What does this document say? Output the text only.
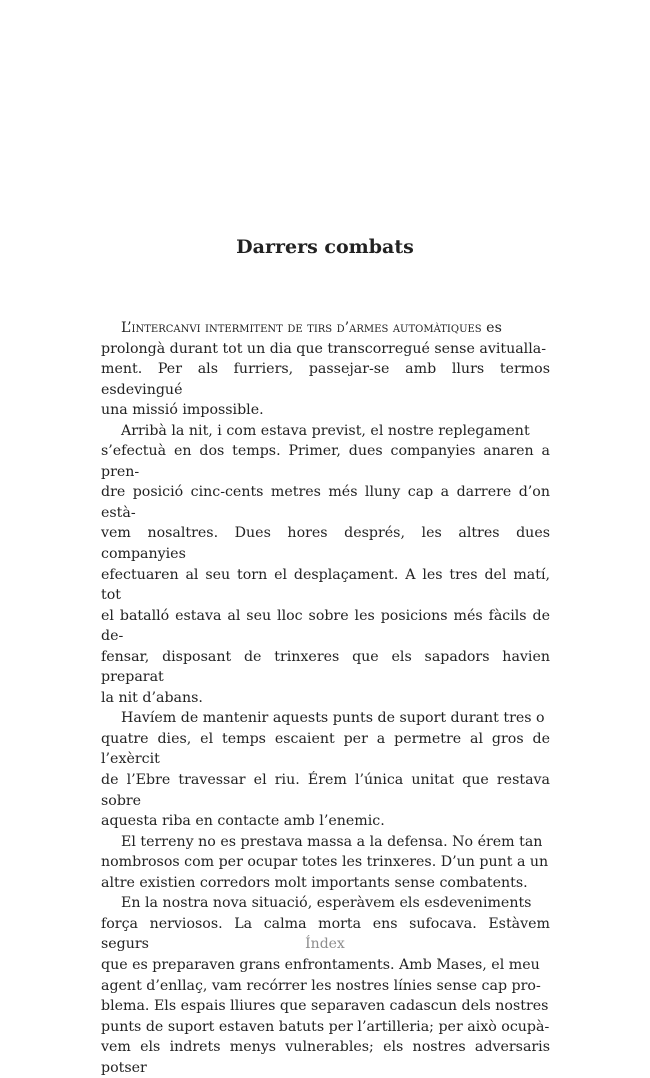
Darrers combats

L’intercanvi intermitent de tirs d’armes automàtiques es
prolongà durant tot un dia que transcorregué sense avitualla-
ment. Per als furriers, passejar-se amb llurs termos esdevingué
una missió impossible.

Arribà la nit, i com estava previst, el nostre replegament
s’efectuà en dos temps. Primer, dues companyies anaren a pren-
dre posició cinc-cents metres més lluny cap a darrere d’on està-
vem nosaltres. Dues hores després, les altres dues companyies
efectuaren al seu torn el desplaçament. A les tres del matí, tot
el batalló estava al seu lloc sobre les posicions més fàcils de de-
fensar, disposant de trinxeres que els sapadors havien preparat
la nit d’abans.

Havíem de mantenir aquests punts de suport durant tres o
quatre dies, el temps escaient per a permetre al gros de l’exèrcit
de l’Ebre travessar el riu. Érem l’única unitat que restava sobre
aquesta riba en contacte amb l’enemic.

El terreny no es prestava massa a la defensa. No érem tan
nombrosos com per ocupar totes les trinxeres. D’un punt a un
altre existien corredors molt importants sense combatents.

En la nostra nova situació, esperàvem els esdeveniments
força nerviosos. La calma morta ens sufocava. Estàvem segurs
que es preparaven grans enfrontaments. Amb Mases, el meu
agent d’enllaç, vam recórrer les nostres línies sense cap pro-
blema. Els espais lliures que separaven cadascun dels nostres
punts de suport estaven batuts per l’artilleria; per això ocupà-
vem els indrets menys vulnerables; els nostres adversaris potser

Índex
